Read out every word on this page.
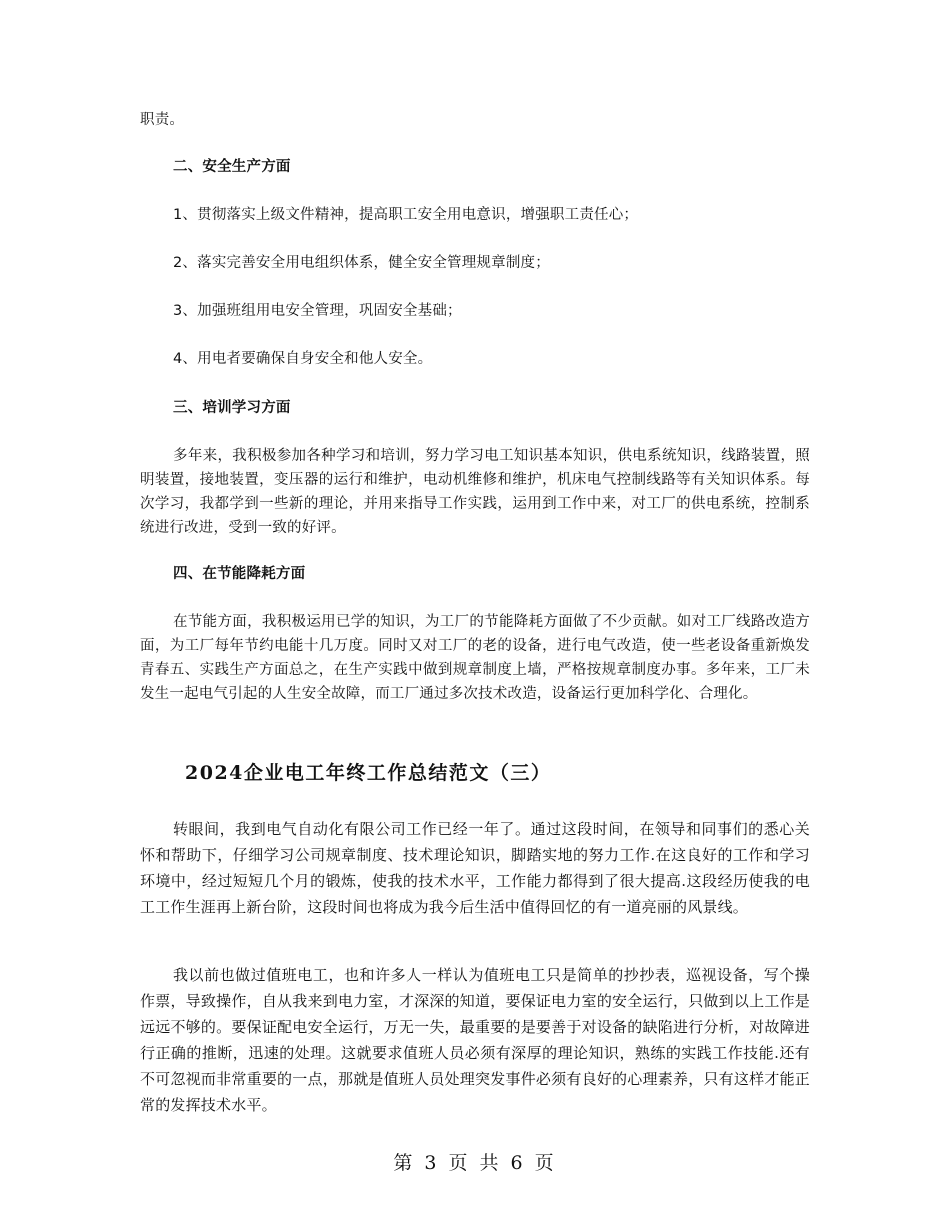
职责。

二、安全生产方面

1、贯彻落实上级文件精神，提高职工安全用电意识，增强职工责任心；

2、落实完善安全用电组织体系，健全安全管理规章制度；

3、加强班组用电安全管理，巩固安全基础；

4、用电者要确保自身安全和他人安全。

三、培训学习方面

多年来，我积极参加各种学习和培训，努力学习电工知识基本知识，供电系统知识，线路装置，照明装置，接地装置，变压器的运行和维护，电动机维修和维护，机床电气控制线路等有关知识体系。每次学习，我都学到一些新的理论，并用来指导工作实践，运用到工作中来，对工厂的供电系统，控制系统进行改进，受到一致的好评。

四、在节能降耗方面

在节能方面，我积极运用已学的知识，为工厂的节能降耗方面做了不少贡献。如对工厂线路改造方面，为工厂每年节约电能十几万度。同时又对工厂的老的设备，进行电气改造，使一些老设备重新焕发青春五、实践生产方面总之，在生产实践中做到规章制度上墙，严格按规章制度办事。多年来，工厂未发生一起电气引起的人生安全故障，而工厂通过多次技术改造，设备运行更加科学化、合理化。

2024企业电工年终工作总结范文（三）

转眼间，我到电气自动化有限公司工作已经一年了。通过这段时间，在领导和同事们的悉心关怀和帮助下，仔细学习公司规章制度、技术理论知识，脚踏实地的努力工作.在这良好的工作和学习环境中，经过短短几个月的锻炼，使我的技术水平，工作能力都得到了很大提高.这段经历使我的电工工作生涯再上新台阶，这段时间也将成为我今后生活中值得回忆的有一道亮丽的风景线。

我以前也做过值班电工，也和许多人一样认为值班电工只是简单的抄抄表，巡视设备，写个操作票，导致操作，自从我来到电力室，才深深的知道，要保证电力室的安全运行，只做到以上工作是远远不够的。要保证配电安全运行，万无一失，最重要的是要善于对设备的缺陷进行分析，对故障进行正确的推断，迅速的处理。这就要求值班人员必须有深厚的理论知识，熟练的实践工作技能.还有不可忽视而非常重要的一点，那就是值班人员处理突发事件必须有良好的心理素养，只有这样才能正常的发挥技术水平。

第 3 页 共 6 页
